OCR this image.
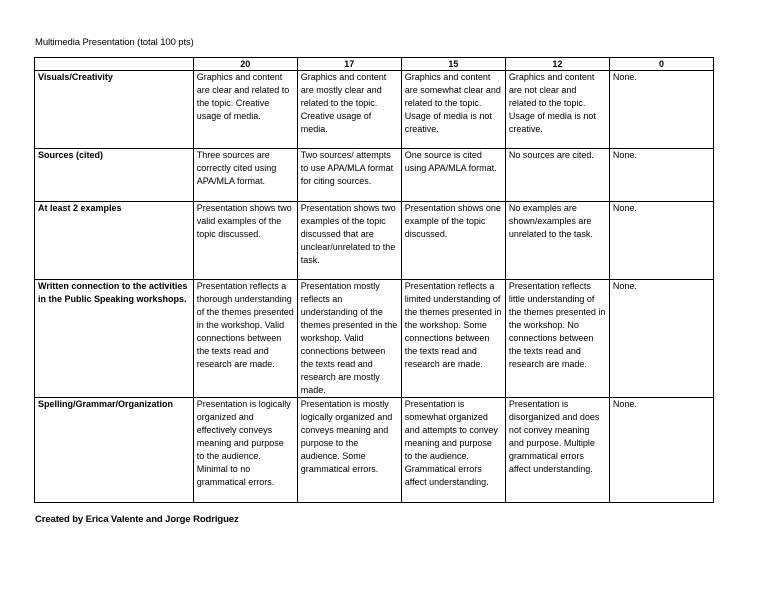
Multimedia Presentation (total 100 pts)
	20	17	15	12	0
Visuals/Creativity	Graphics and content are clear and related to the topic. Creative usage of media.	Graphics and content are mostly clear and related to the topic. Creative usage of media.	Graphics and content are somewhat clear and related to the topic. Usage of media is not creative.	Graphics and content are not clear and related to the topic. Usage of media is not creative.	None.
Sources (cited)	Three sources are correctly cited using APA/MLA format.	Two sources/ attempts to use APA/MLA format for citing sources.	One source is cited using APA/MLA format.	No sources are cited.	None.
At least 2 examples	Presentation shows two valid examples of the topic discussed.	Presentation shows two examples of the topic discussed that are unclear/unrelated to the task.	Presentation shows one example of the topic discussed.	No examples are shown/examples are unrelated to the task.	None.
Written connection to the activities in the Public Speaking workshops.	Presentation reflects a thorough understanding of the themes presented in the workshop. Valid connections between the texts read and research are made.	Presentation mostly reflects an understanding of the themes presented in the workshop. Valid connections between the texts read and research are mostly made.	Presentation reflects a limited understanding of the themes presented in the workshop. Some connections between the texts read and research are made.	Presentation reflects little understanding of the themes presented in the workshop. No connections between the texts read and research are made.	None.
Spelling/Grammar/Organization	Presentation is logically organized and effectively conveys meaning and purpose to the audience. Minimal to no grammatical errors.	Presentation is mostly logically organized and conveys meaning and purpose to the audience. Some grammatical errors.	Presentation is somewhat organized and attempts to convey meaning and purpose to the audience. Grammatical errors affect understanding.	Presentation is disorganized and does not convey meaning and purpose. Multiple grammatical errors affect understanding.	None.
Created by Erica Valente and Jorge Rodriguez
